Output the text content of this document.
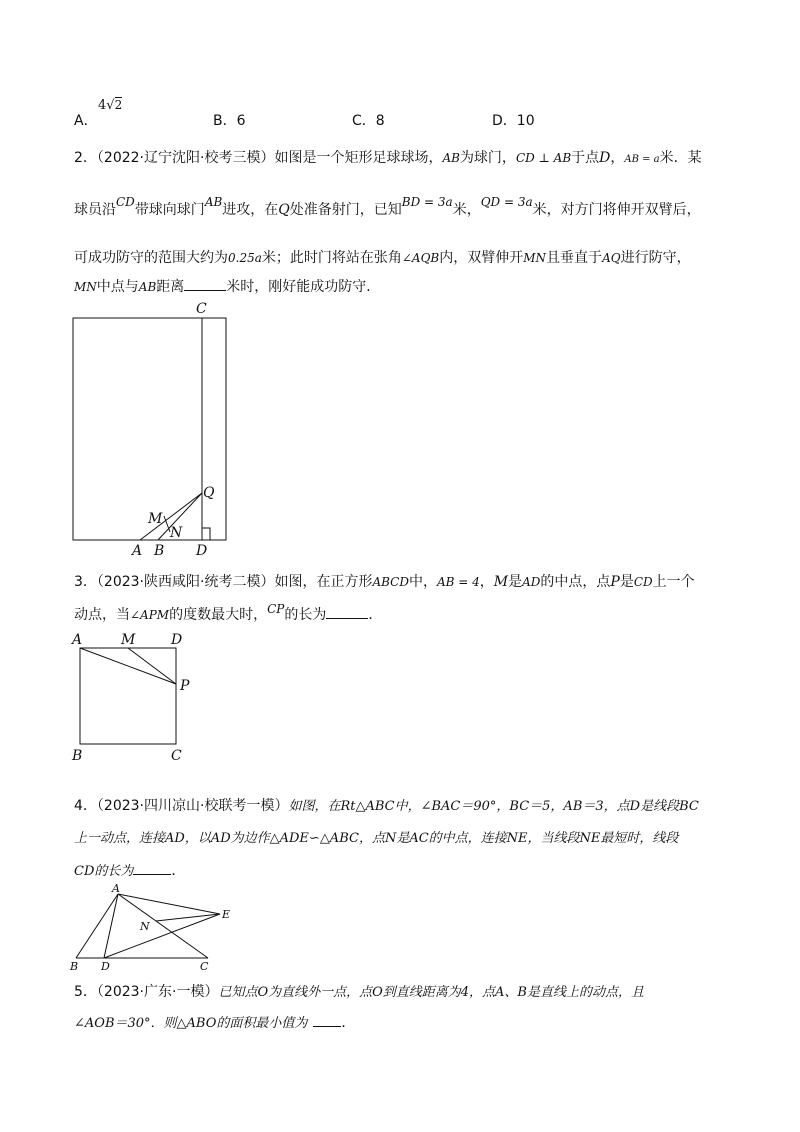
A．
4√2
B．6	C．8	D．10
2．（2022·辽宁沈阳·校考三模）如图是一个矩形足球球场，AB为球门，CD ⊥ AB于点D，AB = a米．某
球员沿CD带球向球门AB进攻，在Q处准备射门，已知BD = 3a米，QD = 3a米，对方门将伸开双臂后，
可成功防守的范围大约为0.25a米；此时门将站在张角∠AQB内，双臂伸开MN且垂直于AQ进行防守，
MN中点与AB距离	米时，刚好能成功防守．
C
Q
M
N
A B D
3．（2023·陕西咸阳·统考二模）如图，在正方形ABCD中，AB = 4，M是AD的中点，点P是CD上一个
动点，当∠APM的度数最大时，CP的长为	．
A	M	D
P
B	C
4．（2023·四川凉山·校联考一模）如图，在Rt△ABC中，∠BAC＝90°，BC＝5，AB＝3，点D是线段BC
上一动点，连接AD，以AD为边作△ADE∽△ABC，点N是AC的中点，连接NE，当线段NE最短时，线段
CD的长为	．
A
E
N
B D	C
5．（2023·广东·一模）已知点O为直线外一点，点O到直线距离为4，点A、B是直线上的动点，且
∠AOB＝30°．则△ABO的面积最小值为 ．
